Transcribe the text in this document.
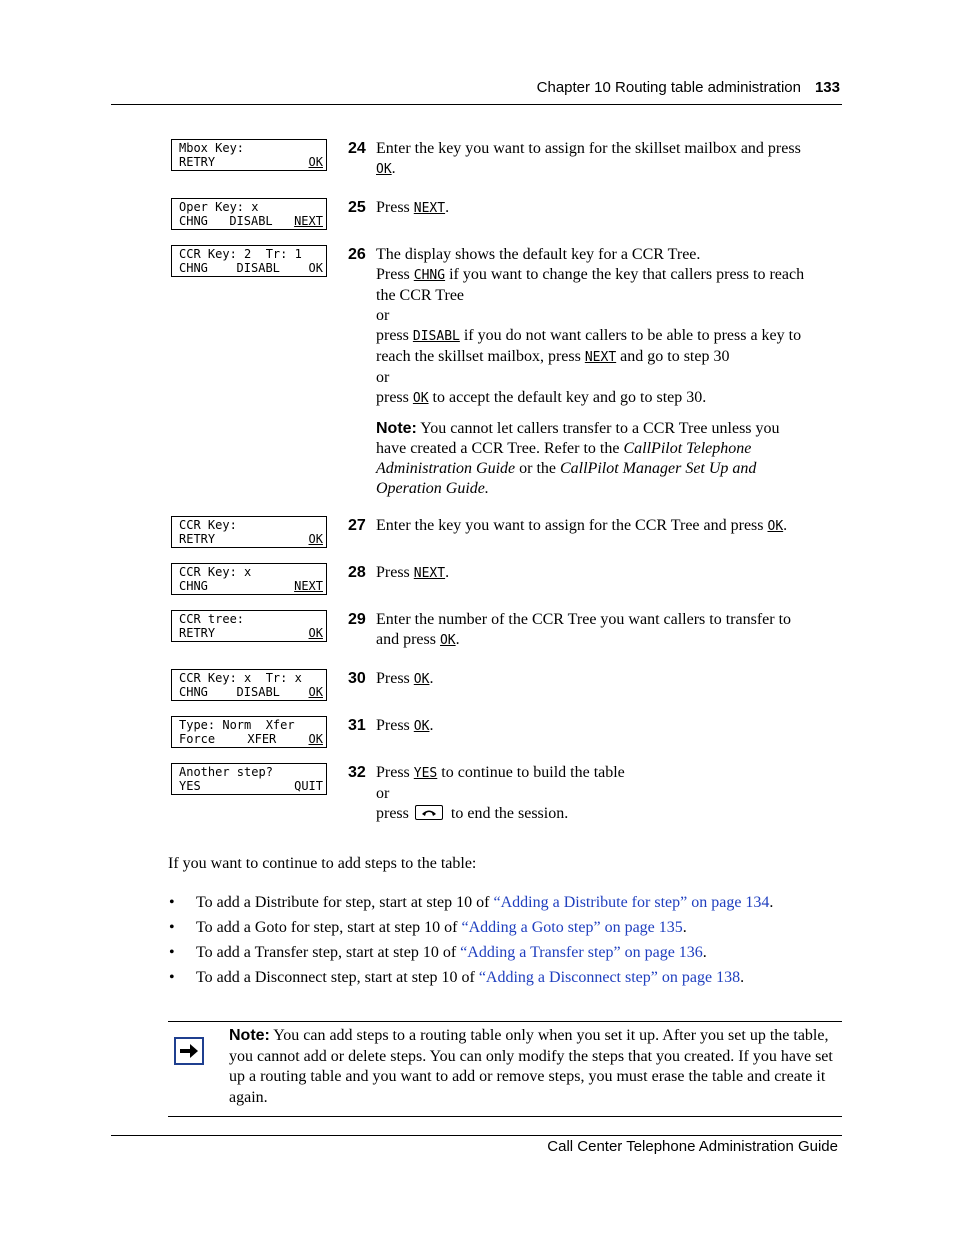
Chapter 10 Routing table administration 133
Mbox Key:
RETRY	OK
Oper Key: x
CHNG DISABL NEXT
CCR Key: 2  Tr: 1
CHNG DISABL OK
CCR Key:
RETRY	OK
CCR Key: x
CHNG	NEXT
CCR tree:
RETRY	OK
CCR Key: x  Tr: x
CHNG DISABL OK
Type: Norm  Xfer
Force	XFER	OK
Another step?
YES	QUIT
24 Enter the key you want to assign for the skillset mailbox and press
OK.
25 Press NEXT.
26 The display shows the default key for a CCR Tree.
Press CHNG if you want to change the key that callers press to reach
the CCR Tree
or
press DISABL if you do not want callers to be able to press a key to
reach the skillset mailbox, press NEXT and go to step 30
or
press OK to accept the default key and go to step 30.
Note: You cannot let callers transfer to a CCR Tree unless you
have created a CCR Tree. Refer to the CallPilot Telephone
Administration Guide or the CallPilot Manager Set Up and
Operation Guide.
27 Enter the key you want to assign for the CCR Tree and press OK.
28 Press NEXT.
29 Enter the number of the CCR Tree you want callers to transfer to
and press OK.
30 Press OK.
31 Press OK.
32 Press YES to continue to build the table
or
press
to end the session.
If you want to continue to add steps to the table:
• To add a Distribute for step, start at step 10 of “Adding a Distribute for step” on page 134.
• To add a Goto for step, start at step 10 of “Adding a Goto step” on page 135.
• To add a Transfer step, start at step 10 of “Adding a Transfer step” on page 136.
• To add a Disconnect step, start at step 10 of “Adding a Disconnect step” on page 138.
Note: You can add steps to a routing table only when you set it up. After you set up the table, you cannot add or delete steps. You can only modify the steps that you created. If you have set up a routing table and you want to add or remove steps, you must erase the table and create it again.
Call Center Telephone Administration Guide
